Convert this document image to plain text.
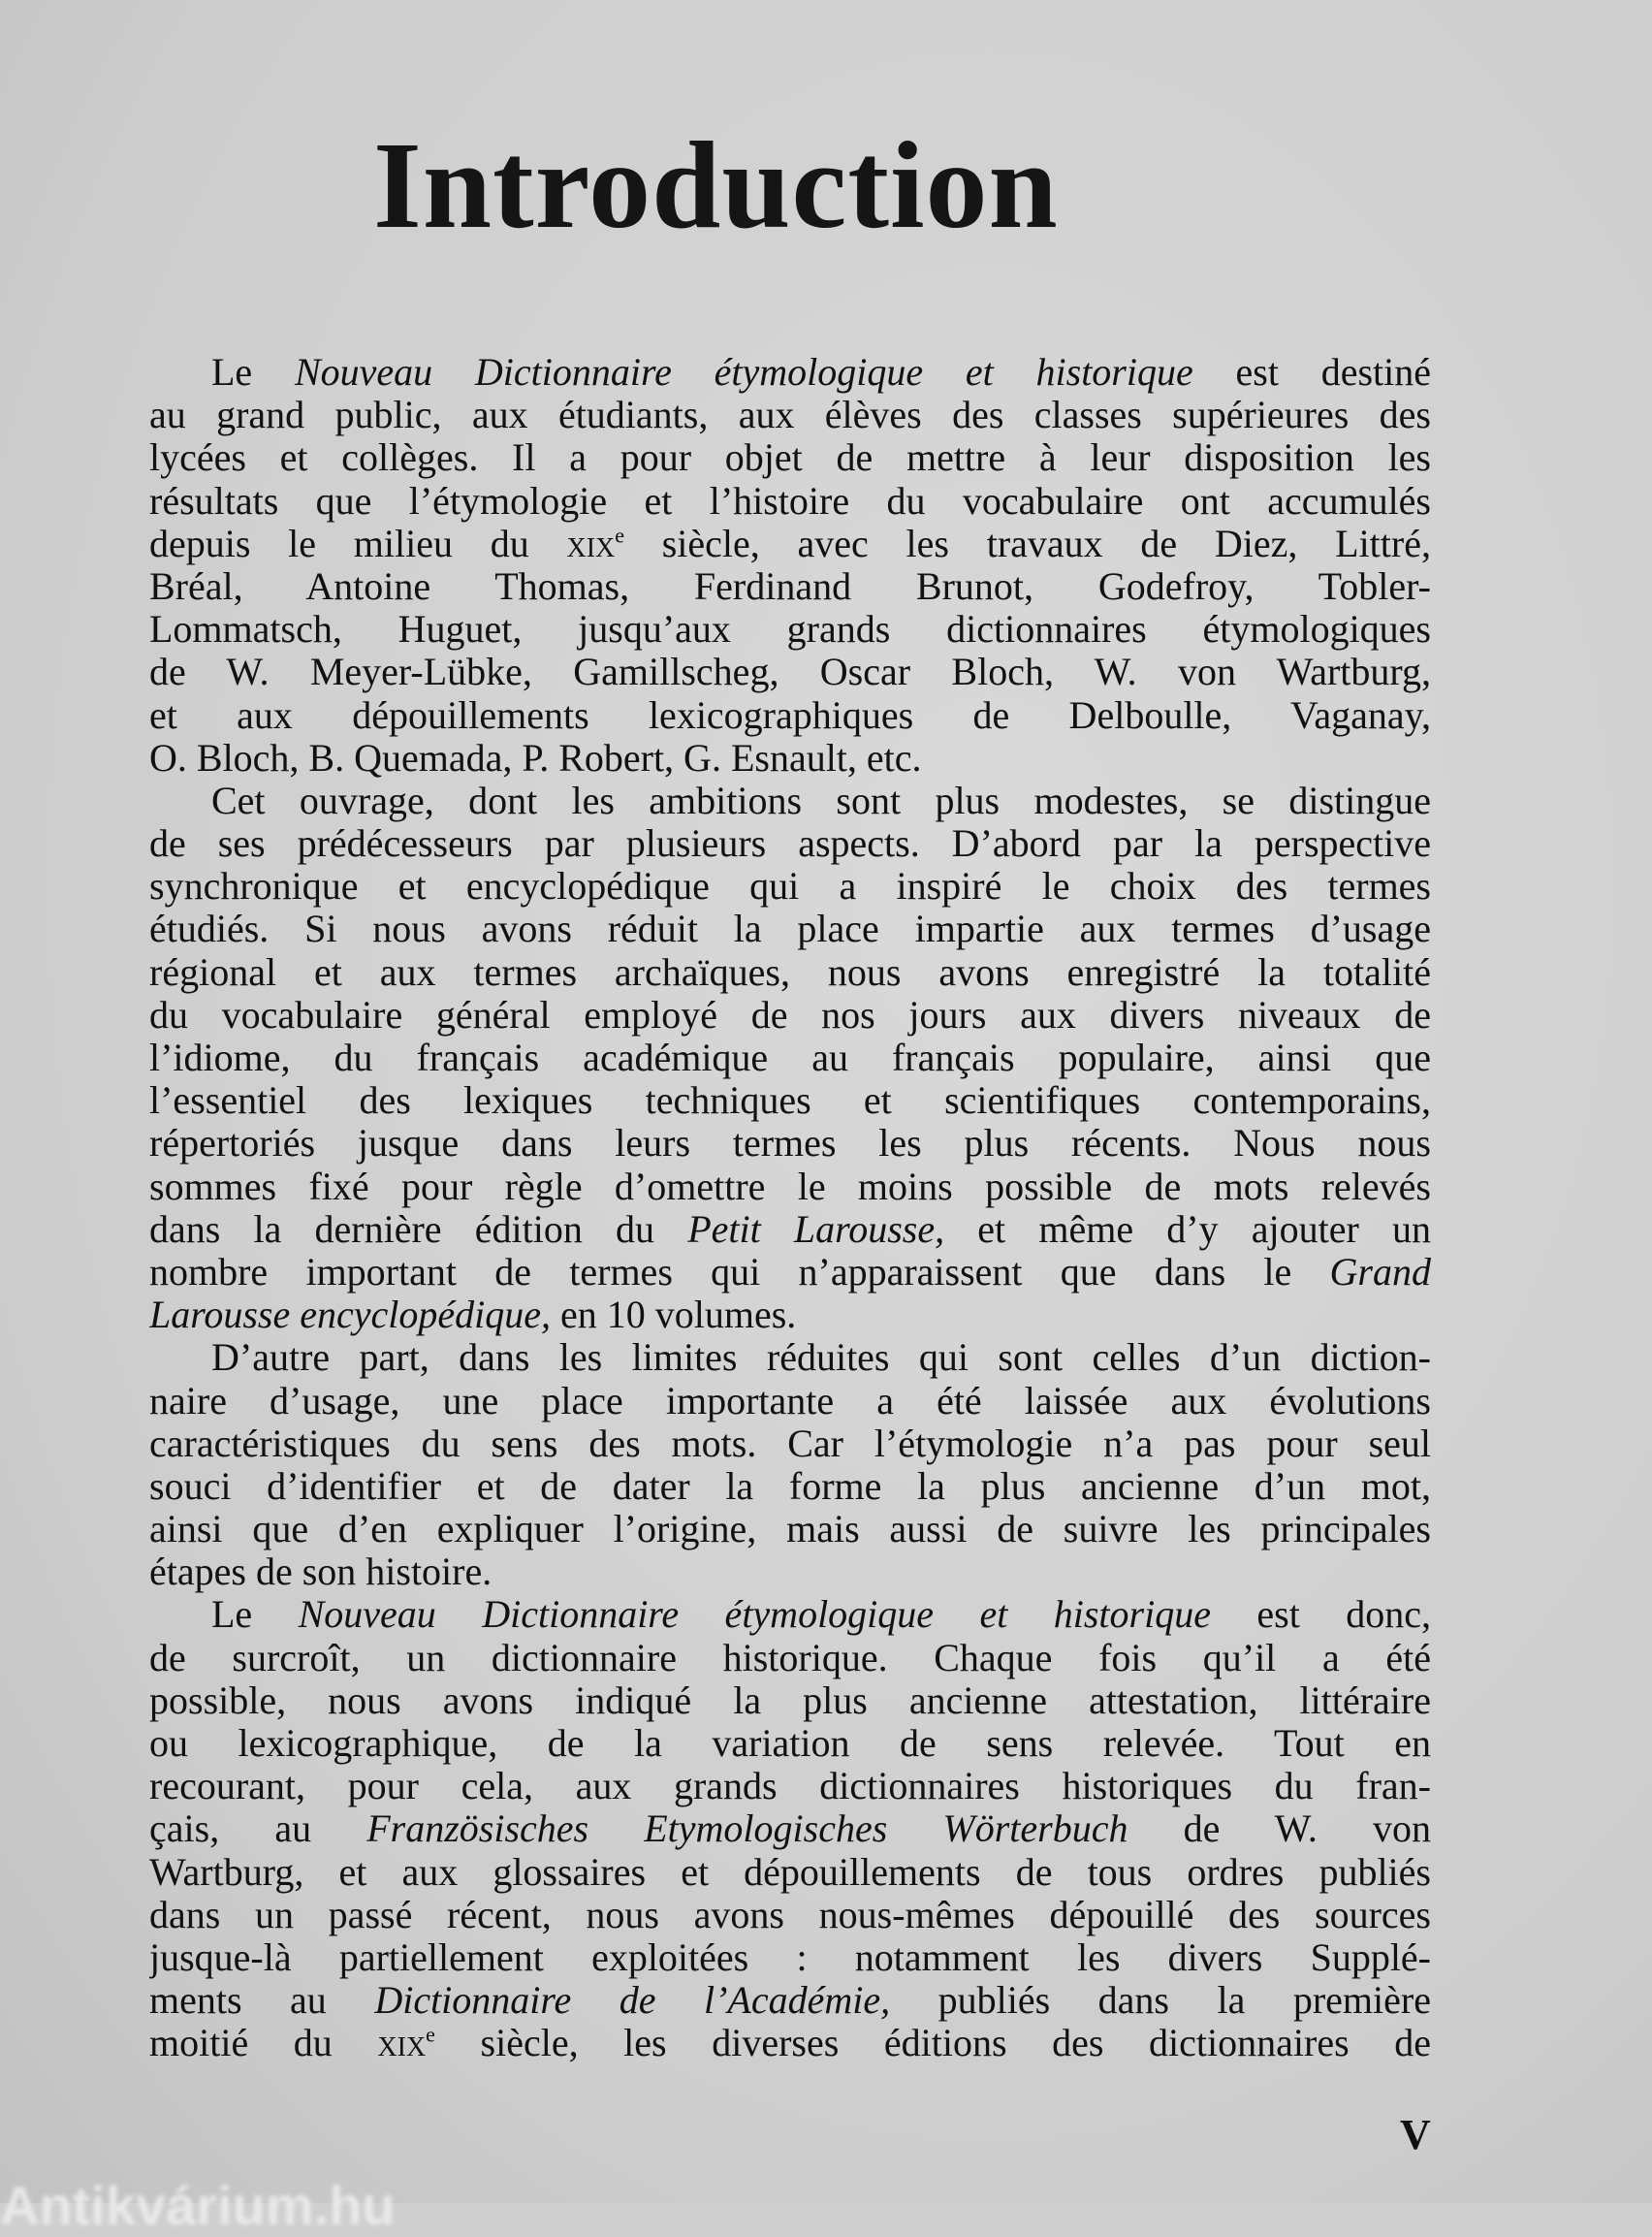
Introduction
Le Nouveau Dictionnaire étymologique et historique est destiné
au grand public, aux étudiants, aux élèves des classes supérieures des
lycées et collèges. Il a pour objet de mettre à leur disposition les
résultats que l’étymologie et l’histoire du vocabulaire ont accumulés
depuis le milieu du xix$^e$ siècle, avec les travaux de Diez, Littré,
Bréal, Antoine Thomas, Ferdinand Brunot, Godefroy, Tobler-
Lommatsch, Huguet, jusqu’aux grands dictionnaires étymologiques
de W. Meyer-Lübke, Gamillscheg, Oscar Bloch, W. von Wartburg,
et aux dépouillements lexicographiques de Delboulle, Vaganay,
O. Bloch, B. Quemada, P. Robert, G. Esnault, etc.
Cet ouvrage, dont les ambitions sont plus modestes, se distingue
de ses prédécesseurs par plusieurs aspects. D’abord par la perspective
synchronique et encyclopédique qui a inspiré le choix des termes
étudiés. Si nous avons réduit la place impartie aux termes d’usage
régional et aux termes archaïques, nous avons enregistré la totalité
du vocabulaire général employé de nos jours aux divers niveaux de
l’idiome, du français académique au français populaire, ainsi que
l’essentiel des lexiques techniques et scientifiques contemporains,
répertoriés jusque dans leurs termes les plus récents. Nous nous
sommes fixé pour règle d’omettre le moins possible de mots relevés
dans la dernière édition du Petit Larousse, et même d’y ajouter un
nombre important de termes qui n’apparaissent que dans le Grand
Larousse encyclopédique, en 10 volumes.
D’autre part, dans les limites réduites qui sont celles d’un diction-
naire d’usage, une place importante a été laissée aux évolutions
caractéristiques du sens des mots. Car l’étymologie n’a pas pour seul
souci d’identifier et de dater la forme la plus ancienne d’un mot,
ainsi que d’en expliquer l’origine, mais aussi de suivre les principales
étapes de son histoire.
Le Nouveau Dictionnaire étymologique et historique est donc,
de surcroît, un dictionnaire historique. Chaque fois qu’il a été
possible, nous avons indiqué la plus ancienne attestation, littéraire
ou lexicographique, de la variation de sens relevée. Tout en
recourant, pour cela, aux grands dictionnaires historiques du fran-
çais, au Französisches Etymologisches Wörterbuch de W. von
Wartburg, et aux glossaires et dépouillements de tous ordres publiés
dans un passé récent, nous avons nous-mêmes dépouillé des sources
jusque-là partiellement exploitées : notamment les divers Supplé-
ments au Dictionnaire de l’Académie, publiés dans la première
moitié du xix$^e$ siècle, les diverses éditions des dictionnaires de
V
Antikvárium.hu
